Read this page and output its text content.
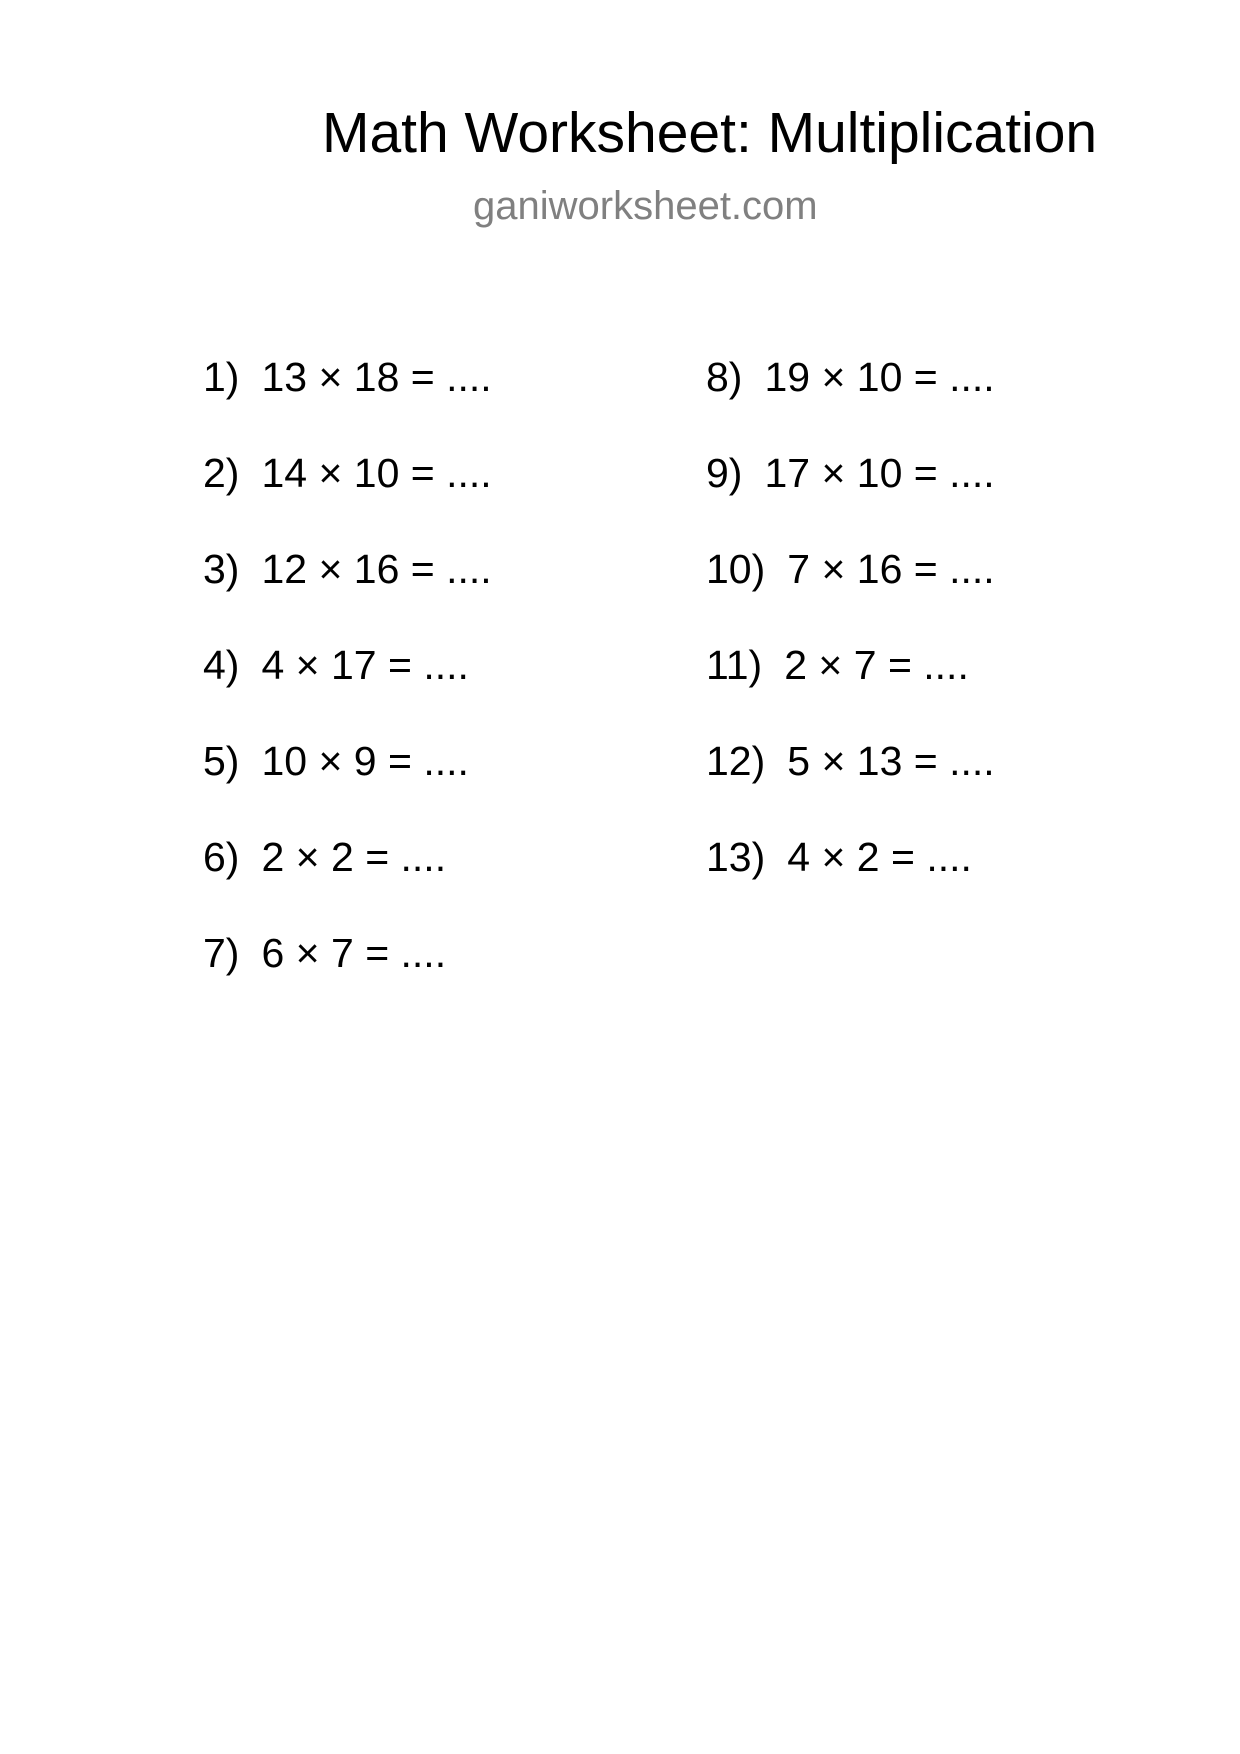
Math Worksheet: Multiplication
ganiworksheet.com
1) 13 × 18 = ....
2) 14 × 10 = ....
3) 12 × 16 = ....
4) 4 × 17 = ....
5) 10 × 9 = ....
6) 2 × 2 = ....
7) 6 × 7 = ....
8) 19 × 10 = ....
9) 17 × 10 = ....
10) 7 × 16 = ....
11) 2 × 7 = ....
12) 5 × 13 = ....
13) 4 × 2 = ....
